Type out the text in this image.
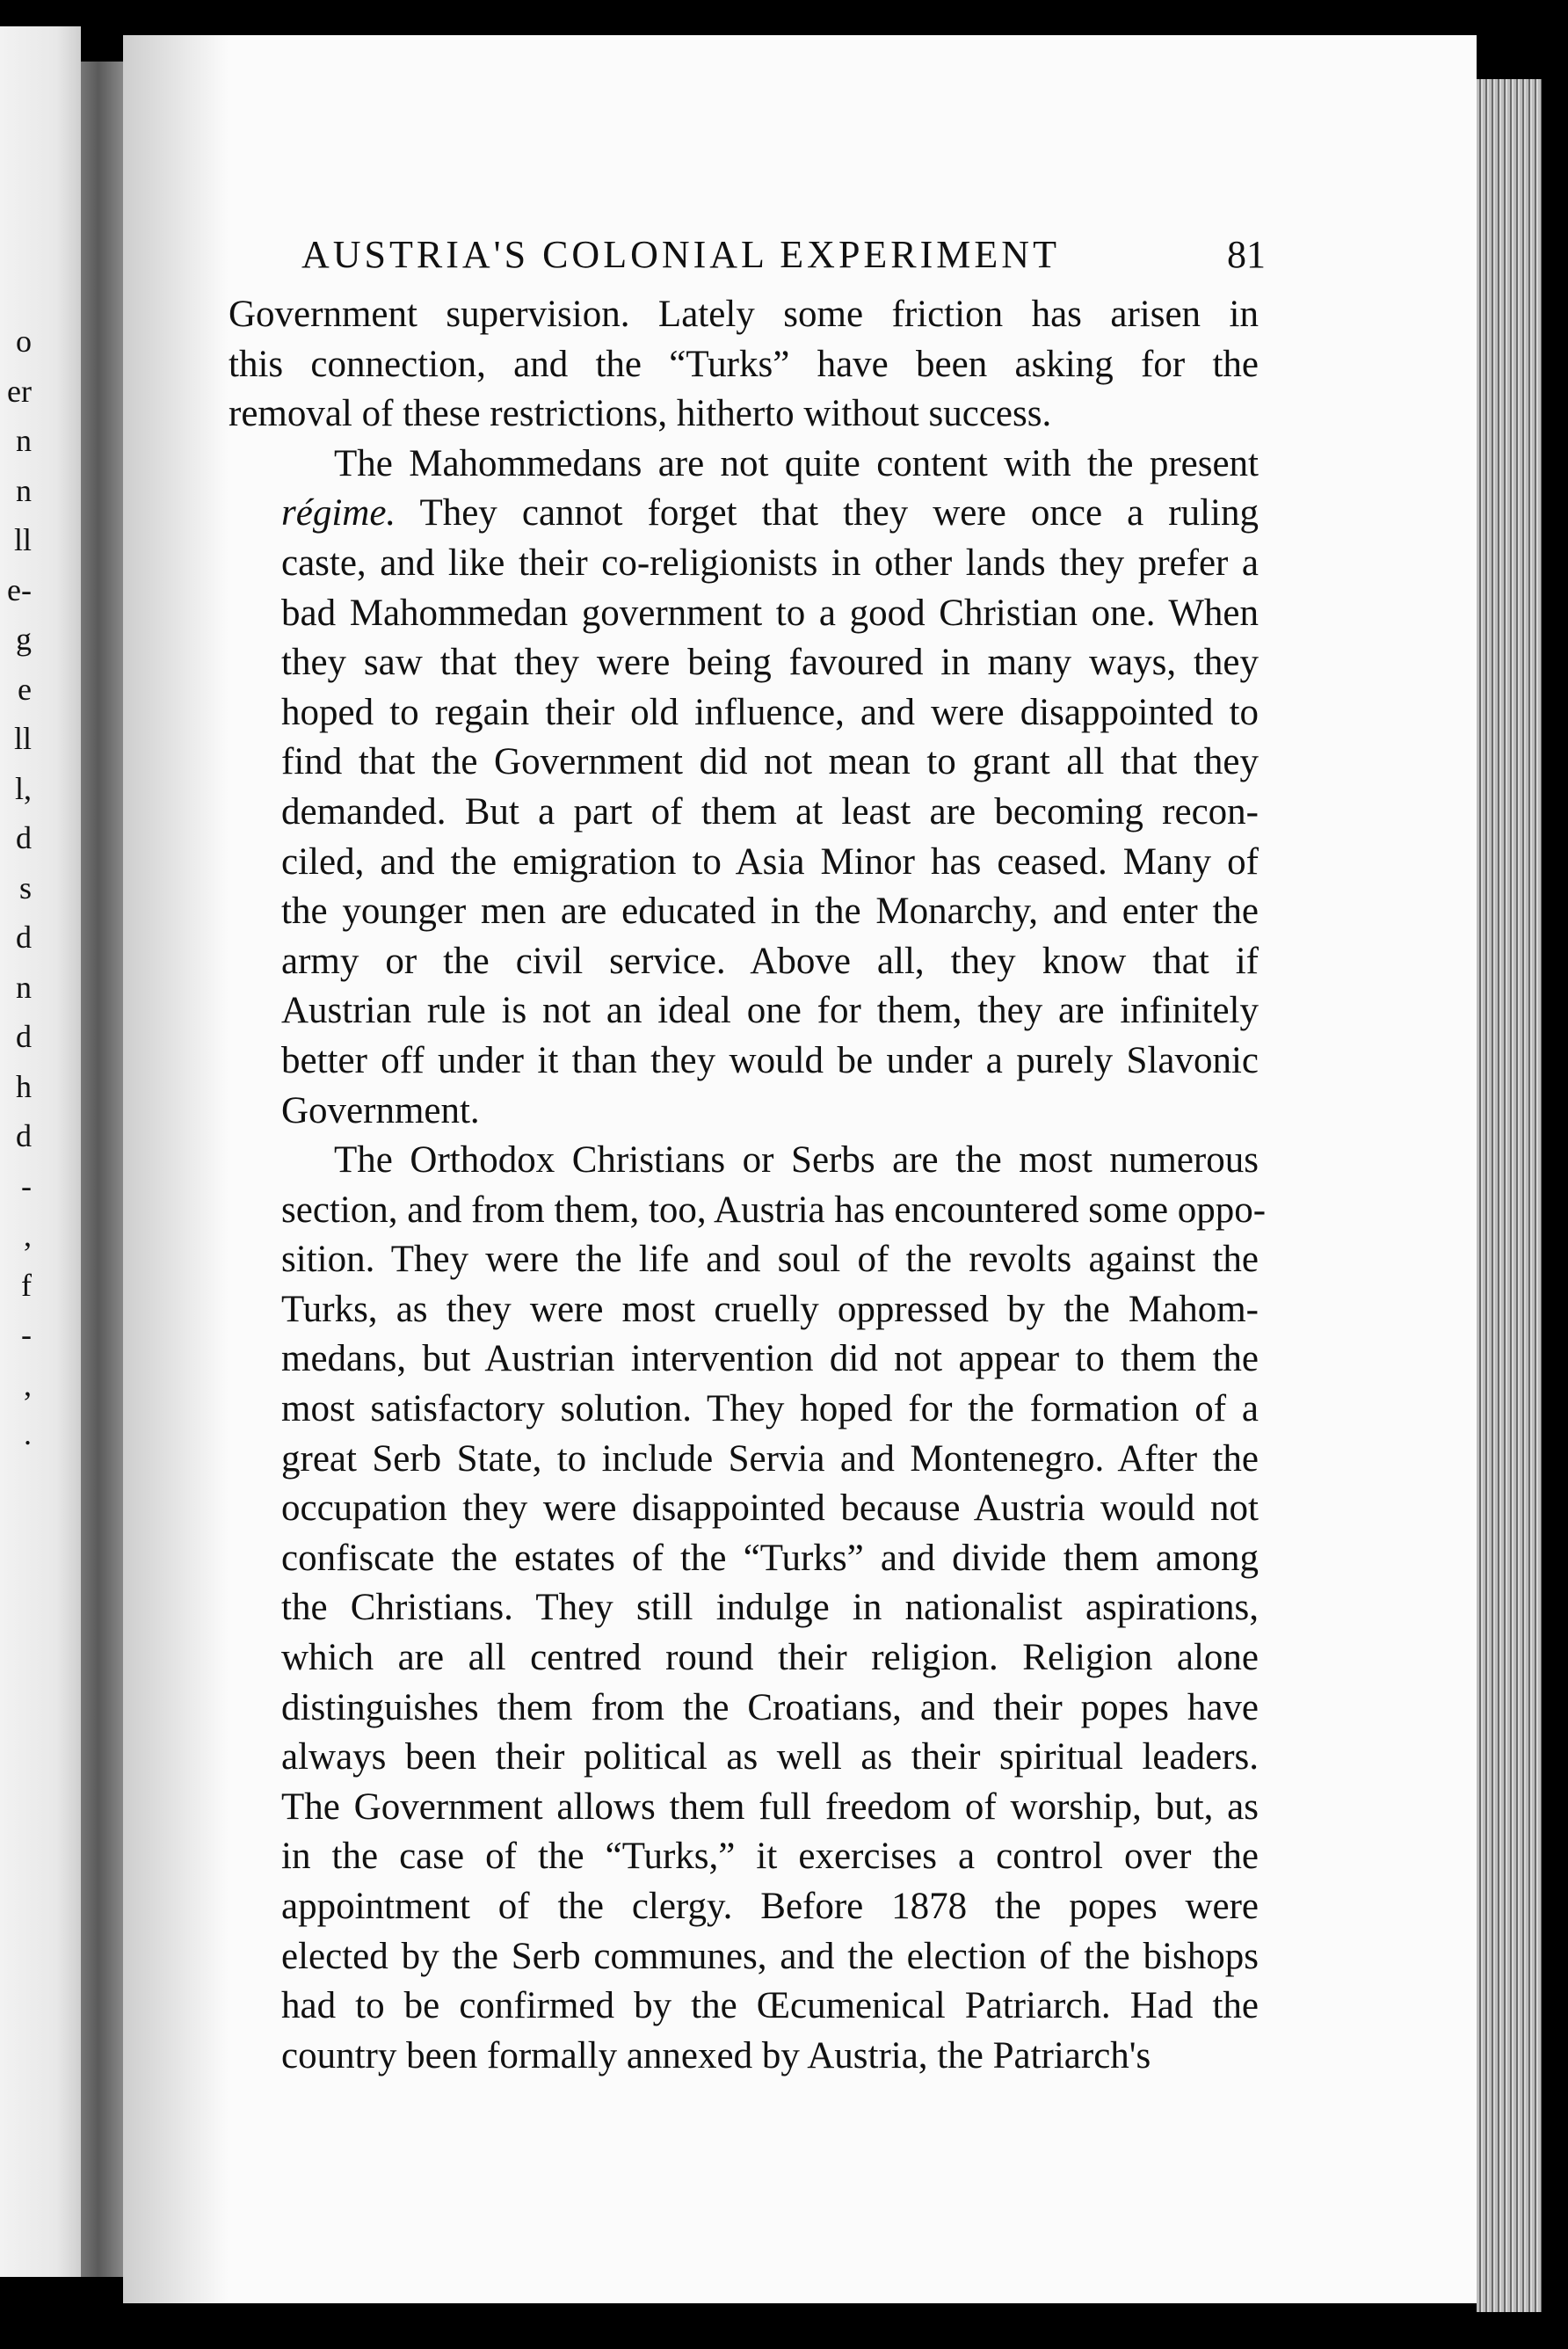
o
er
n
n
ll
e-
g
e
ll
l,
d
s
d
n
d
h
d
-
,
f
-
,
.
AUSTRIA'S COLONIAL EXPERIMENT	81

Government supervision. Lately some friction has arisen in
this connection, and the “Turks” have been asking for the
removal of these restrictions, hitherto without success.

The Mahommedans are not quite content with the present
régime. They cannot forget that they were once a ruling
caste, and like their co-religionists in other lands they prefer a
bad Mahommedan government to a good Christian one. When
they saw that they were being favoured in many ways, they
hoped to regain their old influence, and were disappointed to
find that the Government did not mean to grant all that they
demanded. But a part of them at least are becoming recon-
ciled, and the emigration to Asia Minor has ceased. Many of
the younger men are educated in the Monarchy, and enter the
army or the civil service. Above all, they know that if
Austrian rule is not an ideal one for them, they are infinitely
better off under it than they would be under a purely Slavonic
Government.

The Orthodox Christians or Serbs are the most numerous
section, and from them, too, Austria has encountered some oppo-
sition. They were the life and soul of the revolts against the
Turks, as they were most cruelly oppressed by the Mahom-
medans, but Austrian intervention did not appear to them the
most satisfactory solution. They hoped for the formation of a
great Serb State, to include Servia and Montenegro. After the
occupation they were disappointed because Austria would not
confiscate the estates of the “Turks” and divide them among
the Christians. They still indulge in nationalist aspirations,
which are all centred round their religion. Religion alone
distinguishes them from the Croatians, and their popes have
always been their political as well as their spiritual leaders.
The Government allows them full freedom of worship, but, as
in the case of the “Turks,” it exercises a control over the
appointment of the clergy. Before 1878 the popes were
elected by the Serb communes, and the election of the bishops
had to be confirmed by the Œcumenical Patriarch. Had the
country been formally annexed by Austria, the Patriarch's
